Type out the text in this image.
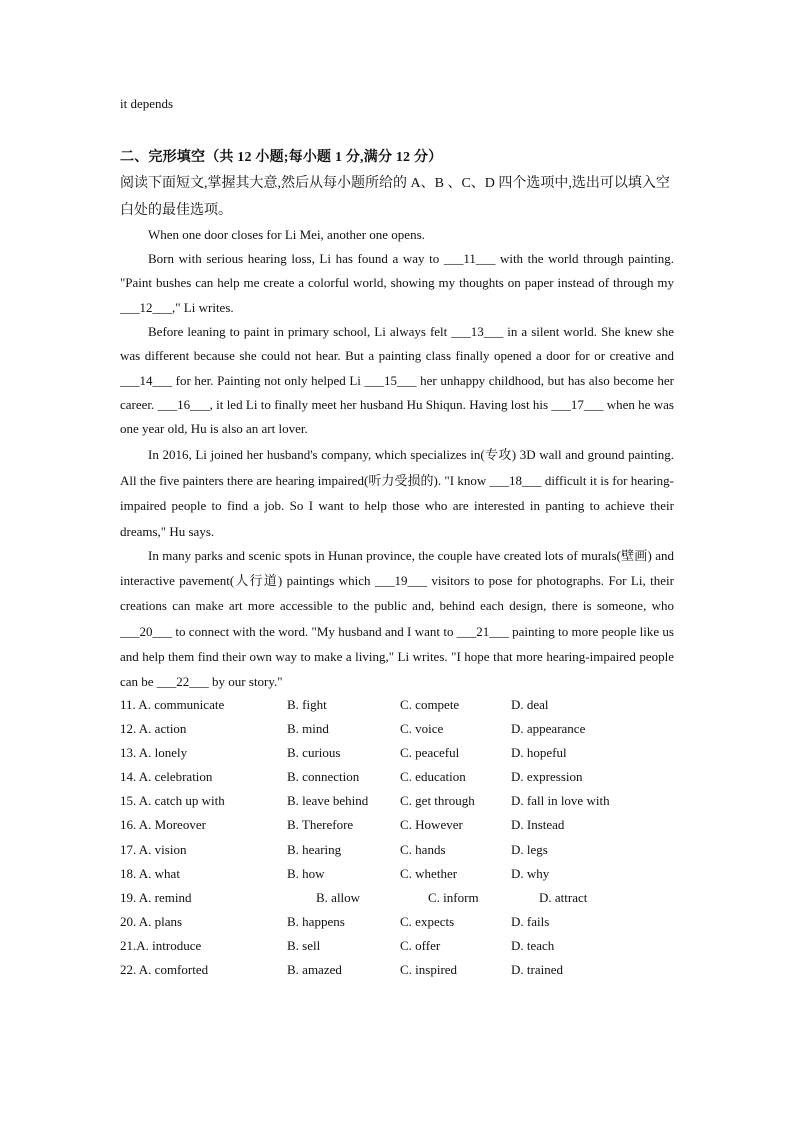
it depends
二、完形填空（共 12 小题;每小题 1 分,满分 12 分）
阅读下面短文,掌握其大意,然后从每小题所给的 A、B 、C、D 四个选项中,选出可以填入空
白处的最佳选项。
When one door closes for Li Mei, another one opens.
Born with serious hearing loss, Li has found a way to ___11___ with the world through painting. "Paint bushes can help me create a colorful world, showing my thoughts on paper instead of through my ___12___," Li writes.
Before leaning to paint in primary school, Li always felt ___13___ in a silent world. She knew she was different because she could not hear. But a painting class finally opened a door for or creative and ___14___ for her. Painting not only helped Li ___15___ her unhappy childhood, but has also become her career. ___16___, it led Li to finally meet her husband Hu Shiqun. Having lost his ___17___ when he was one year old, Hu is also an art lover.
In 2016, Li joined her husband's company, which specializes in(专攻) 3D wall and ground painting. All the five painters there are hearing impaired(听力受损的). "I know ___18___ difficult it is for hearing-impaired people to find a job. So I want to help those who are interested in panting to achieve their dreams," Hu says.
In many parks and scenic spots in Hunan province, the couple have created lots of murals(壁画) and interactive pavement(人行道) paintings which ___19___ visitors to pose for photographs. For Li, their creations can make art more accessible to the public and, behind each design, there is someone, who ___20___ to connect with the word. "My husband and I want to ___21___ painting to more people like us and help them find their own way to make a living," Li writes. "I hope that more hearing-impaired people can be ___22___ by our story."
11. A. communicate	B. fight	C. compete	D. deal
12. A. action	B. mind	C. voice	D. appearance
13. A. lonely	B. curious	C. peaceful	D. hopeful
14. A. celebration	B. connection	C. education	D. expression
15. A. catch up with	B. leave behind C. get through	D. fall in love with
16. A. Moreover	B. Therefore	C. However	D. Instead
17. A. vision	B. hearing	C. hands	D. legs
18. A. what	B. how	C. whether	D. why
19. A. remind	B. allow	C. inform	D. attract
20. A. plans	B. happens	C. expects	D. fails
21.A. introduce	B. sell	C. offer	D. teach
22. A. comforted	B. amazed	C. inspired	D. trained
